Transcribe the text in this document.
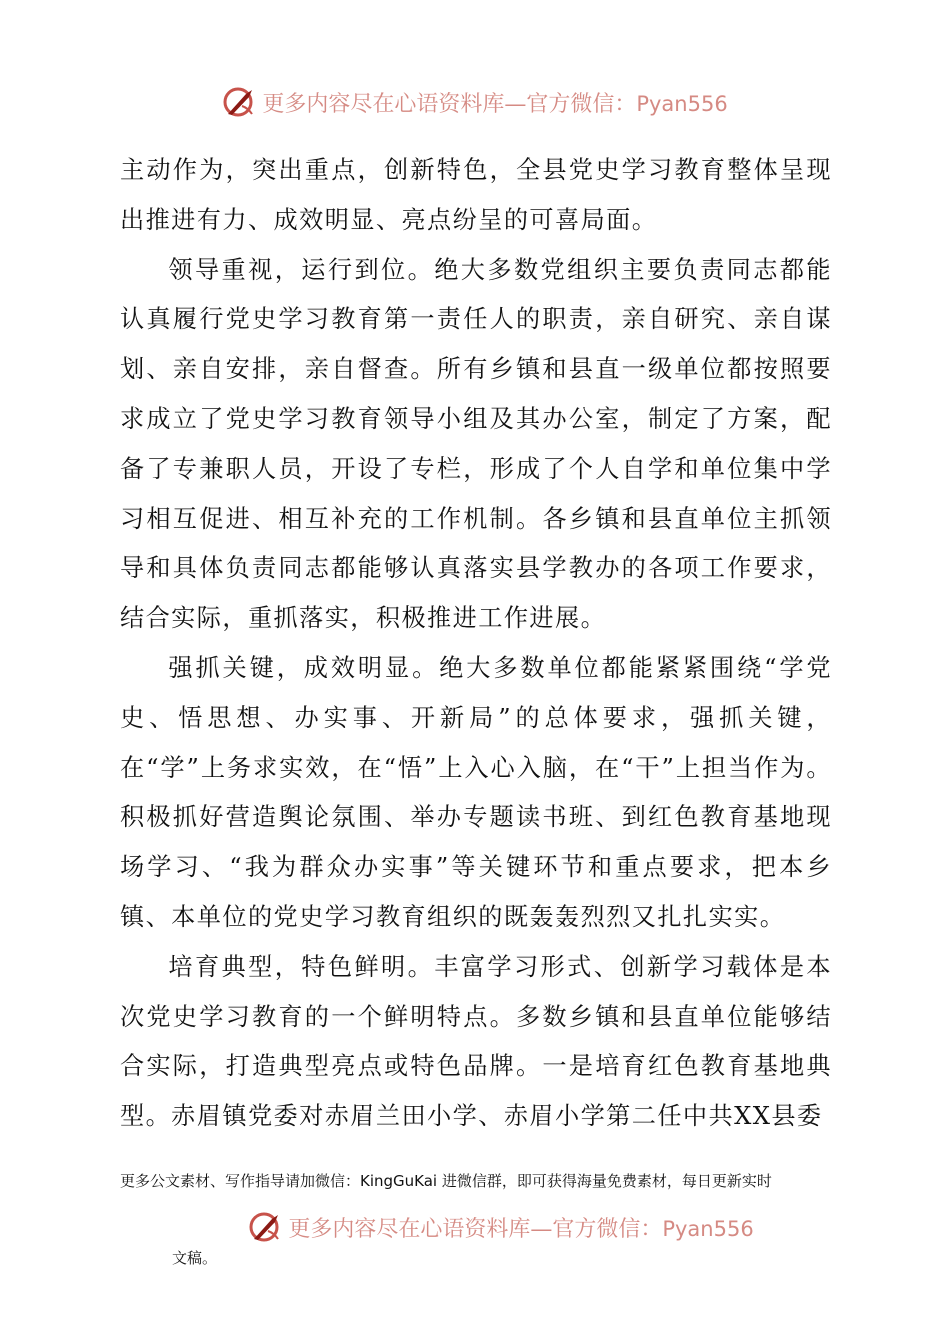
更多内容尽在心语资料库—官方微信：Pyan556

主动作为，突出重点，创新特色，全县党史学习教育整体呈现出推进有力、成效明显、亮点纷呈的可喜局面。

领导重视，运行到位。绝大多数党组织主要负责同志都能认真履行党史学习教育第一责任人的职责，亲自研究、亲自谋划、亲自安排，亲自督查。所有乡镇和县直一级单位都按照要求成立了党史学习教育领导小组及其办公室，制定了方案，配备了专兼职人员，开设了专栏，形成了个人自学和单位集中学习相互促进、相互补充的工作机制。各乡镇和县直单位主抓领导和具体负责同志都能够认真落实县学教办的各项工作要求，结合实际，重抓落实，积极推进工作进展。

强抓关键，成效明显。绝大多数单位都能紧紧围绕“学党史、悟思想、办实事、开新局”的总体要求，强抓关键，在“学”上务求实效，在“悟”上入心入脑，在“干”上担当作为。积极抓好营造舆论氛围、举办专题读书班、到红色教育基地现场学习、“我为群众办实事”等关键环节和重点要求，把本乡镇、本单位的党史学习教育组织的既轰轰烈烈又扎扎实实。

培育典型，特色鲜明。丰富学习形式、创新学习载体是本次党史学习教育的一个鲜明特点。多数乡镇和县直单位能够结合实际，打造典型亮点或特色品牌。一是培育红色教育基地典型。赤眉镇党委对赤眉兰田小学、赤眉小学第二任中共XX县委

更多公文素材、写作指导请加微信：KingGuKai 进微信群，即可获得海量免费素材，每日更新实时
更多内容尽在心语资料库—官方微信：Pyan556
文稿。
